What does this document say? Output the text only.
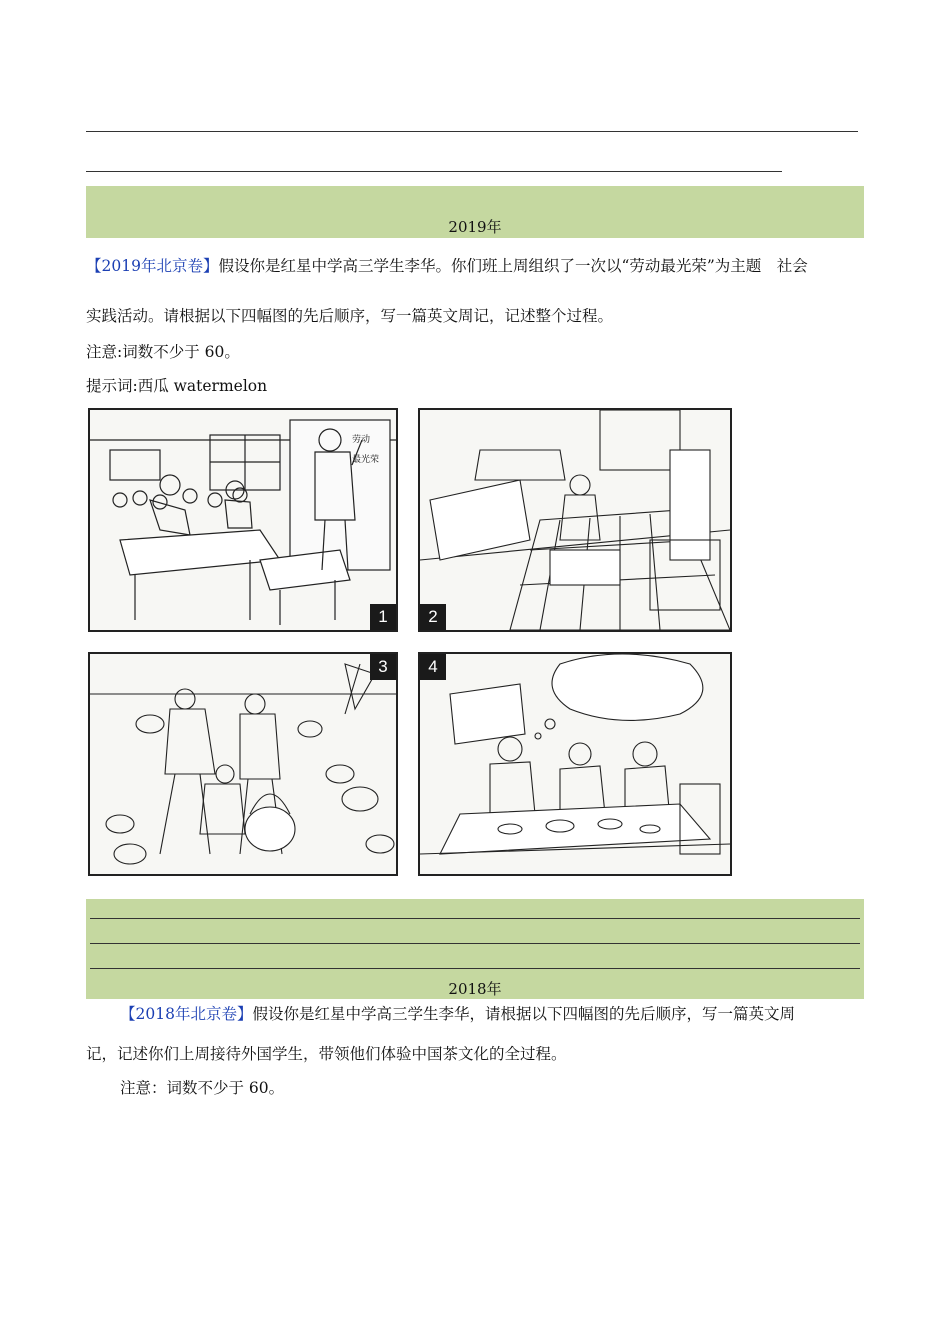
2019年
【2019年北京卷】假设你是红星中学高三学生李华。你们班上周组织了一次以“劳动最光荣”为主题　社会
实践活动。请根据以下四幅图的先后顺序，写一篇英文周记，记述整个过程。
注意:词数不少于 60。
提示词:西瓜 watermelon
劳动
最光荣
1	2
3	4
2018年
【2018年北京卷】假设你是红星中学高三学生李华，请根据以下四幅图的先后顺序，写一篇英文周
记，记述你们上周接待外国学生，带领他们体验中国茶文化的全过程。
注意：词数不少于 60。
